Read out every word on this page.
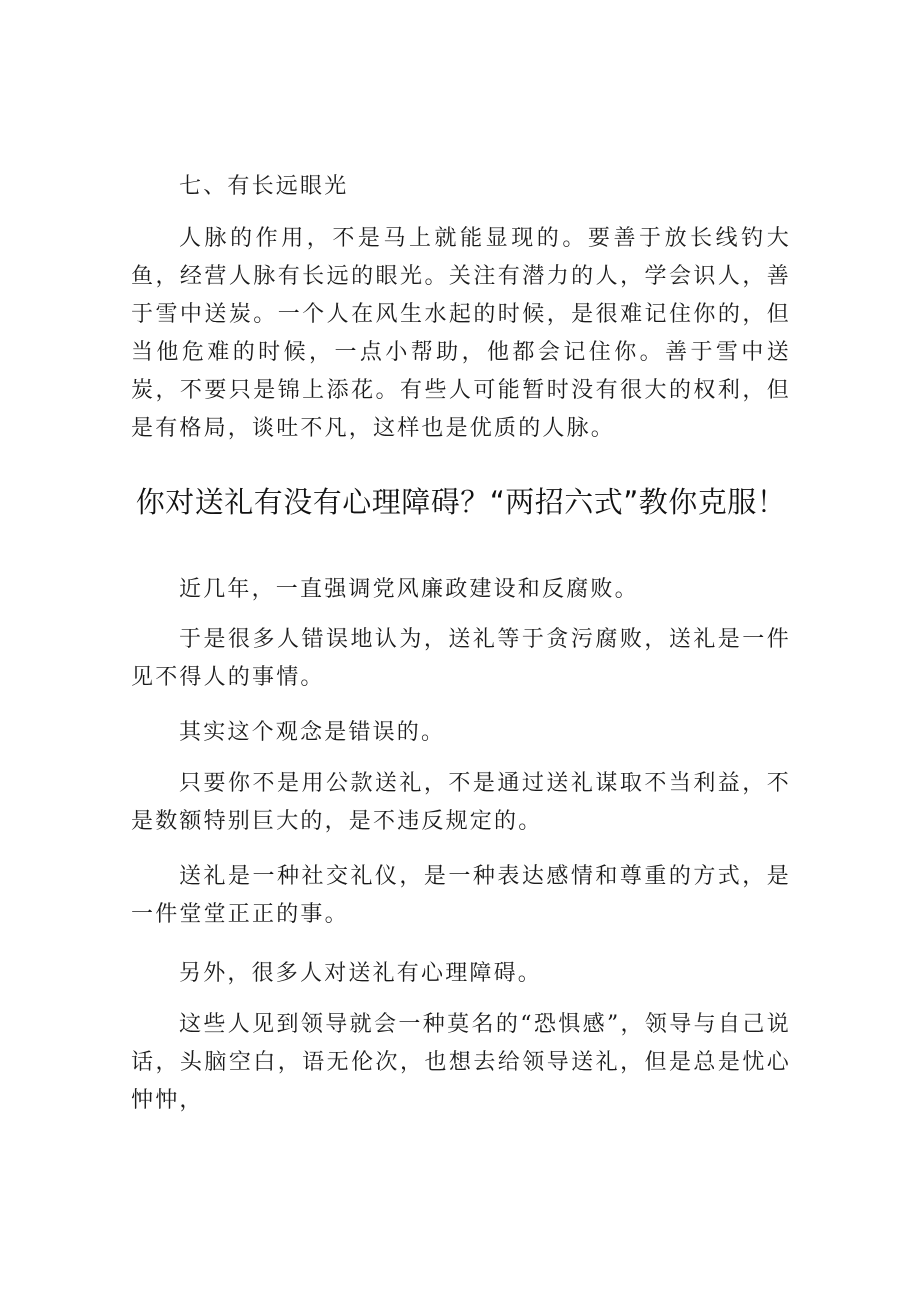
七、有长远眼光

人脉的作用，不是马上就能显现的。要善于放长线钓大鱼，经营人脉有长远的眼光。关注有潜力的人，学会识人，善于雪中送炭。一个人在风生水起的时候，是很难记住你的，但当他危难的时候，一点小帮助，他都会记住你。善于雪中送炭，不要只是锦上添花。有些人可能暂时没有很大的权利，但是有格局，谈吐不凡，这样也是优质的人脉。

你对送礼有没有心理障碍？“两招六式”教你克服！

近几年，一直强调党风廉政建设和反腐败。

于是很多人错误地认为，送礼等于贪污腐败，送礼是一件见不得人的事情。

其实这个观念是错误的。

只要你不是用公款送礼，不是通过送礼谋取不当利益，不是数额特别巨大的，是不违反规定的。

送礼是一种社交礼仪，是一种表达感情和尊重的方式，是一件堂堂正正的事。

另外，很多人对送礼有心理障碍。

这些人见到领导就会一种莫名的“恐惧感”，领导与自己说话，头脑空白，语无伦次，也想去给领导送礼，但是总是忧心忡忡，
